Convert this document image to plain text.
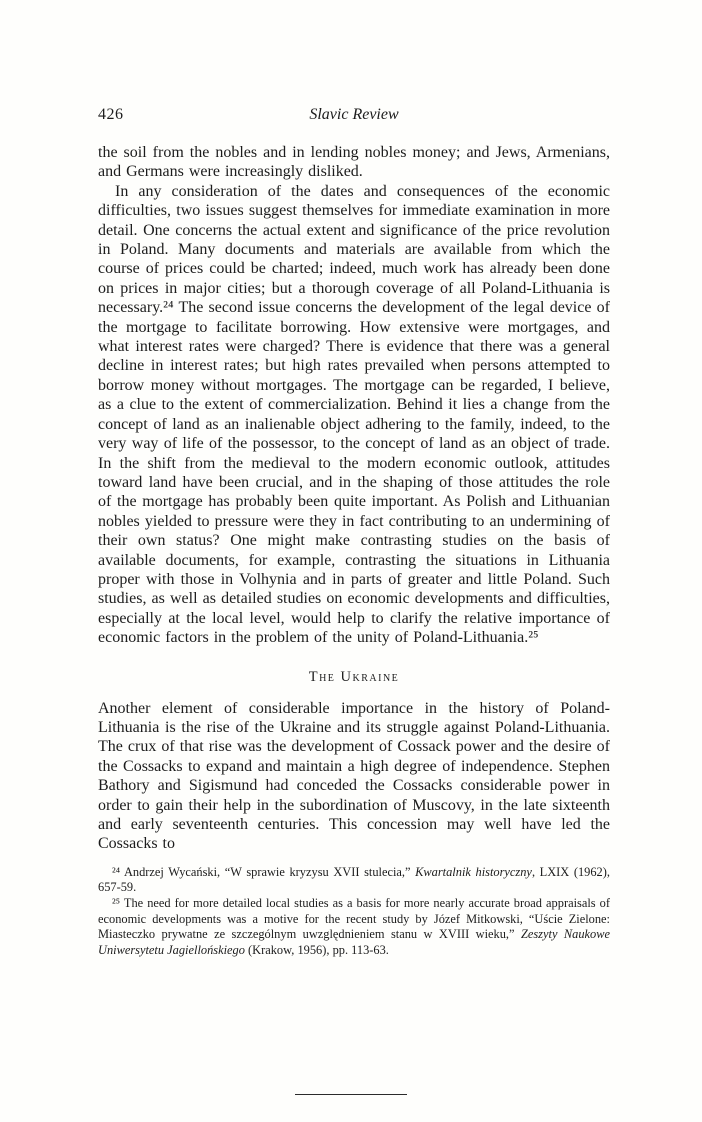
426	Slavic Review

the soil from the nobles and in lending nobles money; and Jews, Armenians, and Germans were increasingly disliked.

In any consideration of the dates and consequences of the economic difficulties, two issues suggest themselves for immediate examination in more detail. One concerns the actual extent and significance of the price revolution in Poland. Many documents and materials are available from which the course of prices could be charted; indeed, much work has already been done on prices in major cities; but a thorough coverage of all Poland-Lithuania is necessary.²⁴ The second issue concerns the development of the legal device of the mortgage to facilitate borrowing. How extensive were mortgages, and what interest rates were charged? There is evidence that there was a general decline in interest rates; but high rates prevailed when persons attempted to borrow money without mortgages. The mortgage can be regarded, I believe, as a clue to the extent of commercialization. Behind it lies a change from the concept of land as an inalienable object adhering to the family, indeed, to the very way of life of the possessor, to the concept of land as an object of trade. In the shift from the medieval to the modern economic outlook, attitudes toward land have been crucial, and in the shaping of those attitudes the role of the mortgage has probably been quite important. As Polish and Lithuanian nobles yielded to pressure were they in fact contributing to an undermining of their own status? One might make contrasting studies on the basis of available documents, for example, contrasting the situations in Lithuania proper with those in Volhynia and in parts of greater and little Poland. Such studies, as well as detailed studies on economic developments and difficulties, especially at the local level, would help to clarify the relative importance of economic factors in the problem of the unity of Poland-Lithuania.²⁵

The Ukraine

Another element of considerable importance in the history of Poland-Lithuania is the rise of the Ukraine and its struggle against Poland-Lithuania. The crux of that rise was the development of Cossack power and the desire of the Cossacks to expand and maintain a high degree of independence. Stephen Bathory and Sigismund had conceded the Cossacks considerable power in order to gain their help in the subordination of Muscovy, in the late sixteenth and early seventeenth centuries. This concession may well have led the Cossacks to

²⁴ Andrzej Wycański, “W sprawie kryzysu XVII stulecia,” Kwartalnik historyczny, LXIX (1962), 657-59.

²⁵ The need for more detailed local studies as a basis for more nearly accurate broad appraisals of economic developments was a motive for the recent study by Józef Mitkowski, “Uście Zielone: Miasteczko prywatne ze szczególnym uwzględnieniem stanu w XVIII wieku,” Zeszyty Naukowe Uniwersytetu Jagiellońskiego (Krakow, 1956), pp. 113-63.
